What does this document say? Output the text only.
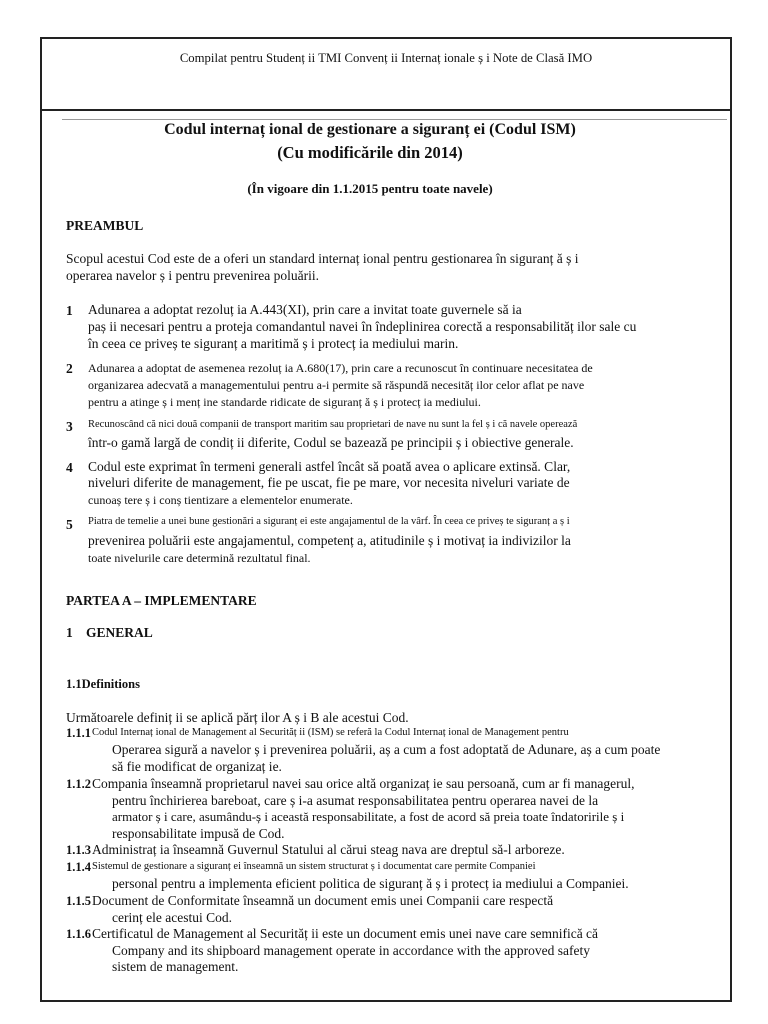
Compilat pentru Studenț ii TMI Convenț ii Internaț ionale ș i Note de Clasă IMO
Codul internaț ional de gestionare a siguranț ei (Codul ISM)
(Cu modificările din 2014)
(În vigoare din 1.1.2015 pentru toate navele)
PREAMBUL
Scopul acestui Cod este de a oferi un standard internaț ional pentru gestionarea în siguranț ă ș i
operarea navelor ș i pentru prevenirea poluării.
1 Adunarea a adoptat rezoluț ia A.443(XI), prin care a invitat toate guvernele să ia
paș ii necesari pentru a proteja comandantul navei în îndeplinirea corectă a responsabilităț ilor sale cu
în ceea ce priveș te siguranț a maritimă ș i protecț ia mediului marin.
2 Adunarea a adoptat de asemenea rezoluț ia A.680(17), prin care a recunoscut în continuare necesitatea de
organizarea adecvată a managementului pentru a-i permite să răspundă necesităț ilor celor aflat pe nave
pentru a atinge ș i menț ine standarde ridicate de siguranț ă ș i protecț ia mediului.
3 Recunoscând că nici două companii de transport maritim sau proprietari de nave nu sunt la fel ș i că navele operează
într-o gamă largă de condiț ii diferite, Codul se bazează pe principii ș i obiective generale.
4 Codul este exprimat în termeni generali astfel încât să poată avea o aplicare extinsă. Clar,
niveluri diferite de management, fie pe uscat, fie pe mare, vor necesita niveluri variate de
cunoaș tere ș i conș tientizare a elementelor enumerate.
5 Piatra de temelie a unei bune gestionări a siguranț ei este angajamentul de la vârf. În ceea ce priveș te siguranț a ș i
prevenirea poluării este angajamentul, competenț a, atitudinile ș i motivaț ia indivizilor la
toate nivelurile care determină rezultatul final.
PARTEA A – IMPLEMENTARE
1 GENERAL
1.1Definitions
Următoarele definiț ii se aplică părț ilor A ș i B ale acestui Cod.
1.1.1 Codul Internaț ional de Management al Securităț ii (ISM) se referă la Codul Internaț ional de Management pentru
Operarea sigură a navelor ș i prevenirea poluării, aș a cum a fost adoptată de Adunare, aș a cum poate
să fie modificat de organizaț ie.
1.1.2 Compania înseamnă proprietarul navei sau orice altă organizaț ie sau persoană, cum ar fi managerul,
pentru închirierea bareboat, care ș i-a asumat responsabilitatea pentru operarea navei de la
armator ș i care, asumându-ș i această responsabilitate, a fost de acord să preia toate îndatoririle ș i
responsabilitate impusă de Cod.
1.1.3 Administraț ia înseamnă Guvernul Statului al cărui steag nava are dreptul să-l arboreze.
1.1.4 Sistemul de gestionare a siguranț ei înseamnă un sistem structurat ș i documentat care permite Companiei
personal pentru a implementa eficient politica de siguranț ă ș i protecț ia mediului a Companiei.
1.1.5 Document de Conformitate înseamnă un document emis unei Companii care respectă
cerinț ele acestui Cod.
1.1.6 Certificatul de Management al Securităț ii este un document emis unei nave care semnifică că
Company and its shipboard management operate in accordance with the approved safety
sistem de management.
